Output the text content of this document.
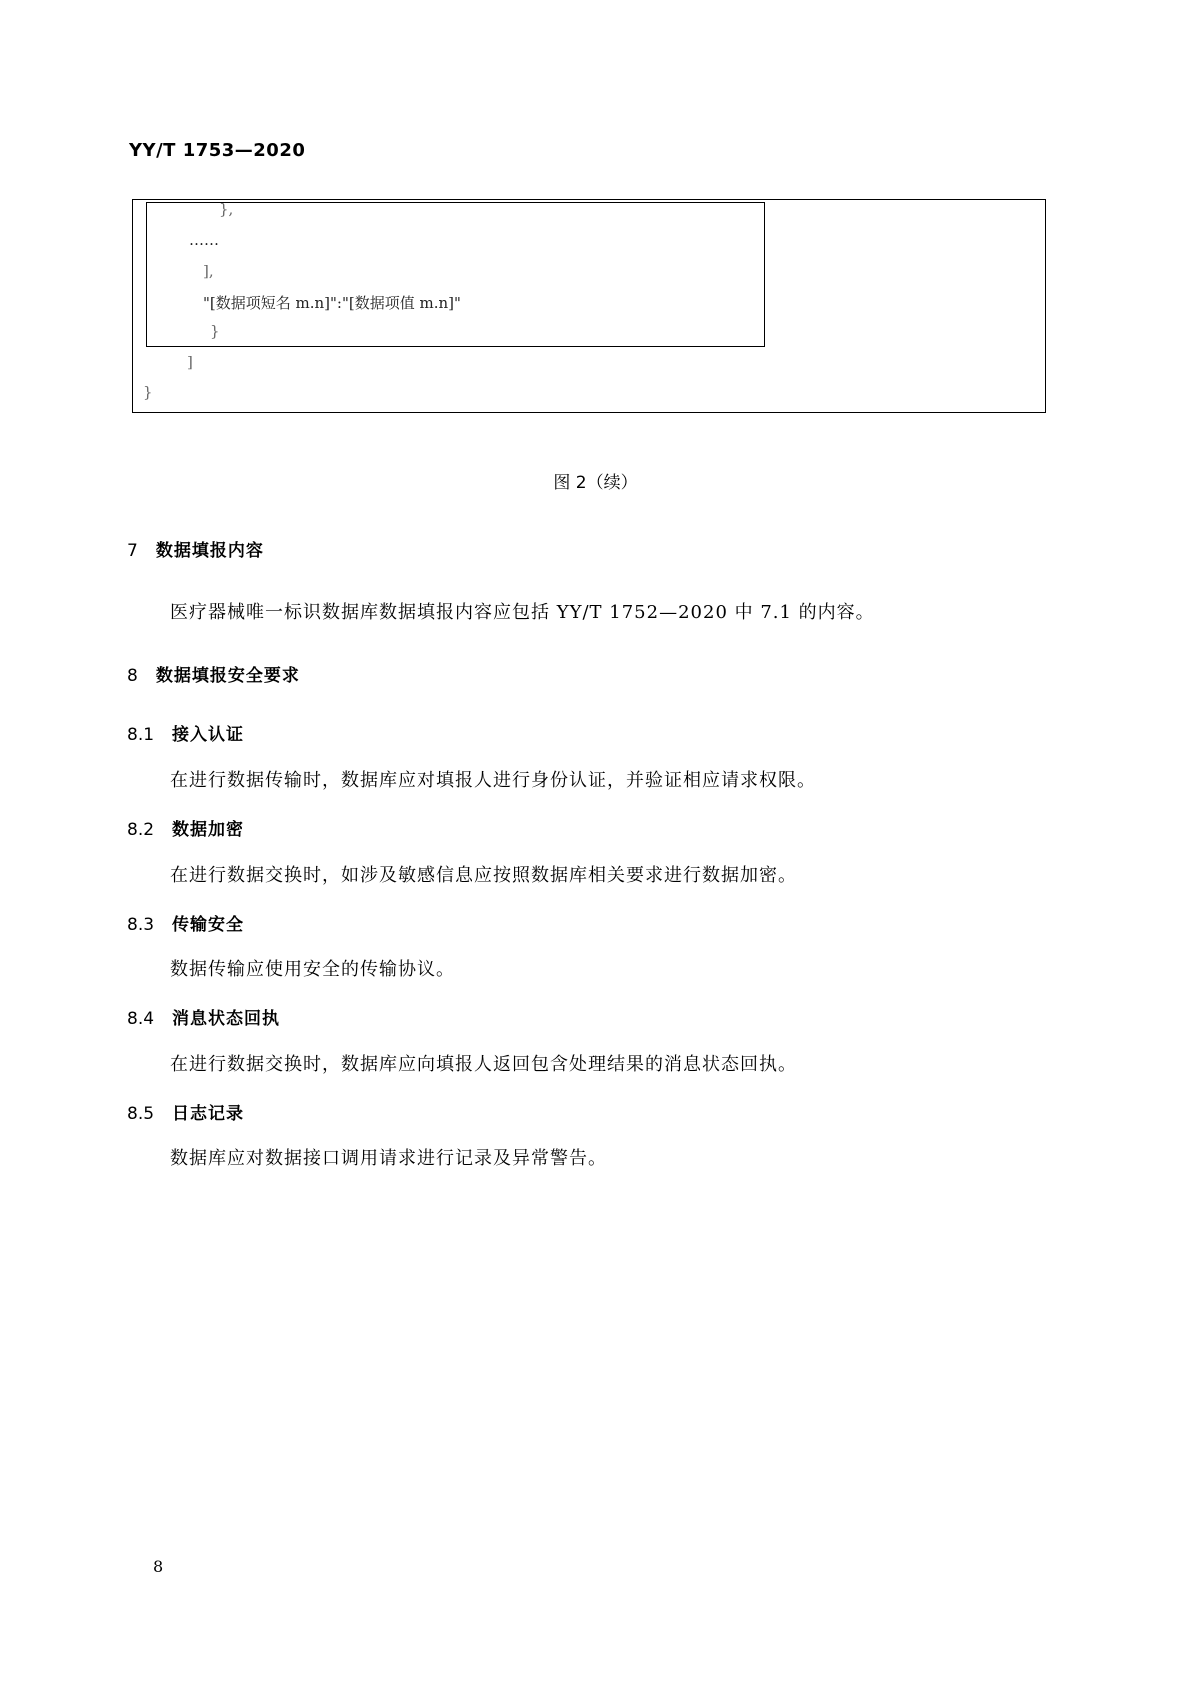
YY/T 1753—2020
},
……
],
"[数据项短名 m.n]":"[数据项值 m.n]"
}
]
}
图 2（续）
7 数据填报内容
医疗器械唯一标识数据库数据填报内容应包括 YY/T 1752—2020 中 7.1 的内容。
8 数据填报安全要求
8.1 接入认证
在进行数据传输时，数据库应对填报人进行身份认证，并验证相应请求权限。
8.2 数据加密
在进行数据交换时，如涉及敏感信息应按照数据库相关要求进行数据加密。
8.3 传输安全
数据传输应使用安全的传输协议。
8.4 消息状态回执
在进行数据交换时，数据库应向填报人返回包含处理结果的消息状态回执。
8.5 日志记录
数据库应对数据接口调用请求进行记录及异常警告。
8
